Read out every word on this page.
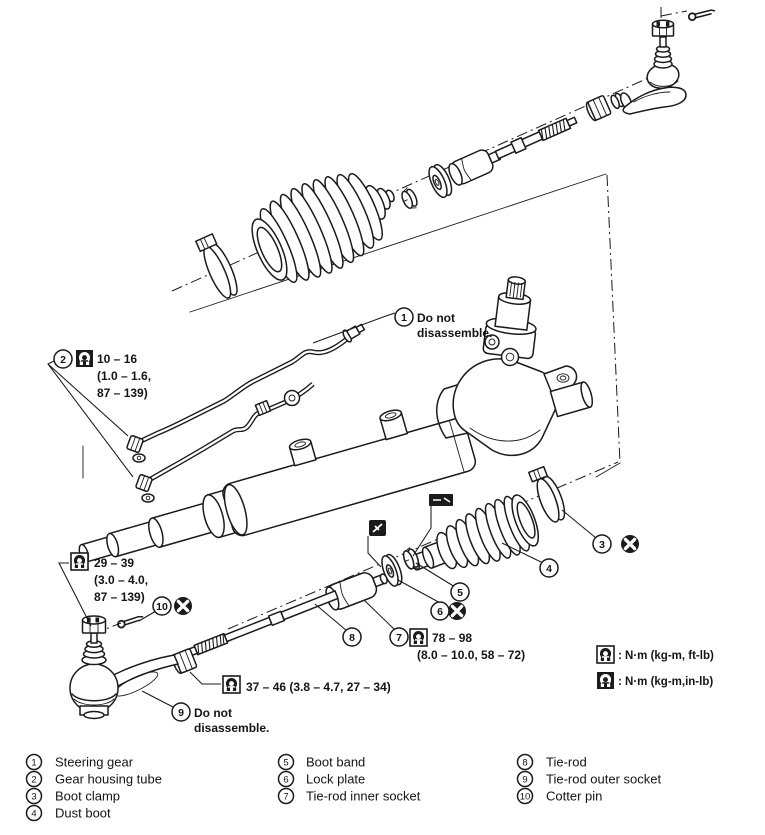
1
2
3
4
5
6
7
8
9
10
Do not
disassemble.
10 – 16
(1.0 – 1.6,
87 – 139)
29 – 39
(3.0 – 4.0,
87 – 139)
78 – 98
(8.0 – 10.0, 58 – 72)
37 – 46 (3.8 – 4.7, 27 – 34)
Do not
disassemble.
: N·m (kg-m, ft-lb)
: N·m (kg-m,in-lb)
1 Steering gear
2 Gear housing tube
3 Boot clamp
4 Dust boot
5 Boot band
6 Lock plate
7 Tie-rod inner socket
8 Tie-rod
9 Tie-rod outer socket
10 Cotter pin
